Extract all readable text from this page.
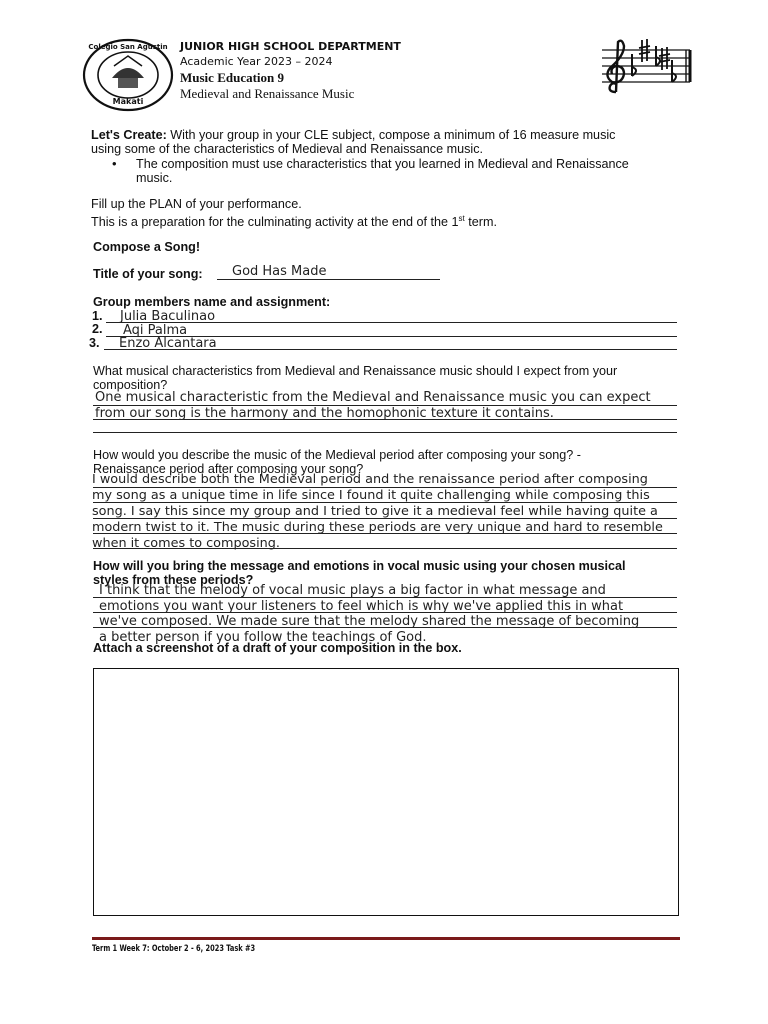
Makati
Colegio San Agustin JUNIOR HIGH SCHOOL DEPARTMENT
Academic Year 2023 – 2024
Music Education 9
Medieval and Renaissance Music
Let's Create: With your group in your CLE subject, compose a minimum of 16 measure music
using some of the characteristics of Medieval and Renaissance music.
• The composition must use characteristics that you learned in Medieval and Renaissance
music.
Fill up the PLAN of your performance.
This is a preparation for the culminating activity at the end of the 1st term.
Compose a Song!
Title of your song:	God Has Made
Group members name and assignment:
1. Julia Baculinao
2. Aqi Palma
3. Enzo Alcantara
What musical characteristics from Medieval and Renaissance music should I expect from your
composition?
One musical characteristic from the Medieval and Renaissance music you can expect
from our song is the harmony and the homophonic texture it contains.
How would you describe the music of the Medieval period after composing your song? -
Renaissance period after composing your song?
I would describe both the Medieval period and the renaissance period after composing
my song as a unique time in life since I found it quite challenging while composing this
song. I say this since my group and I tried to give it a medieval feel while having quite a
modern twist to it. The music during these periods are very unique and hard to resemble
when it comes to composing.
How will you bring the message and emotions in vocal music using your chosen musical
styles from these periods?
I think that the melody of vocal music plays a big factor in what message and
emotions you want your listeners to feel which is why we've applied this in what
we've composed. We made sure that the melody shared the message of becoming
a better person if you follow the teachings of God.
Attach a screenshot of a draft of your composition in the box.
Term 1 Week 7: October 2 - 6, 2023 Task #3
